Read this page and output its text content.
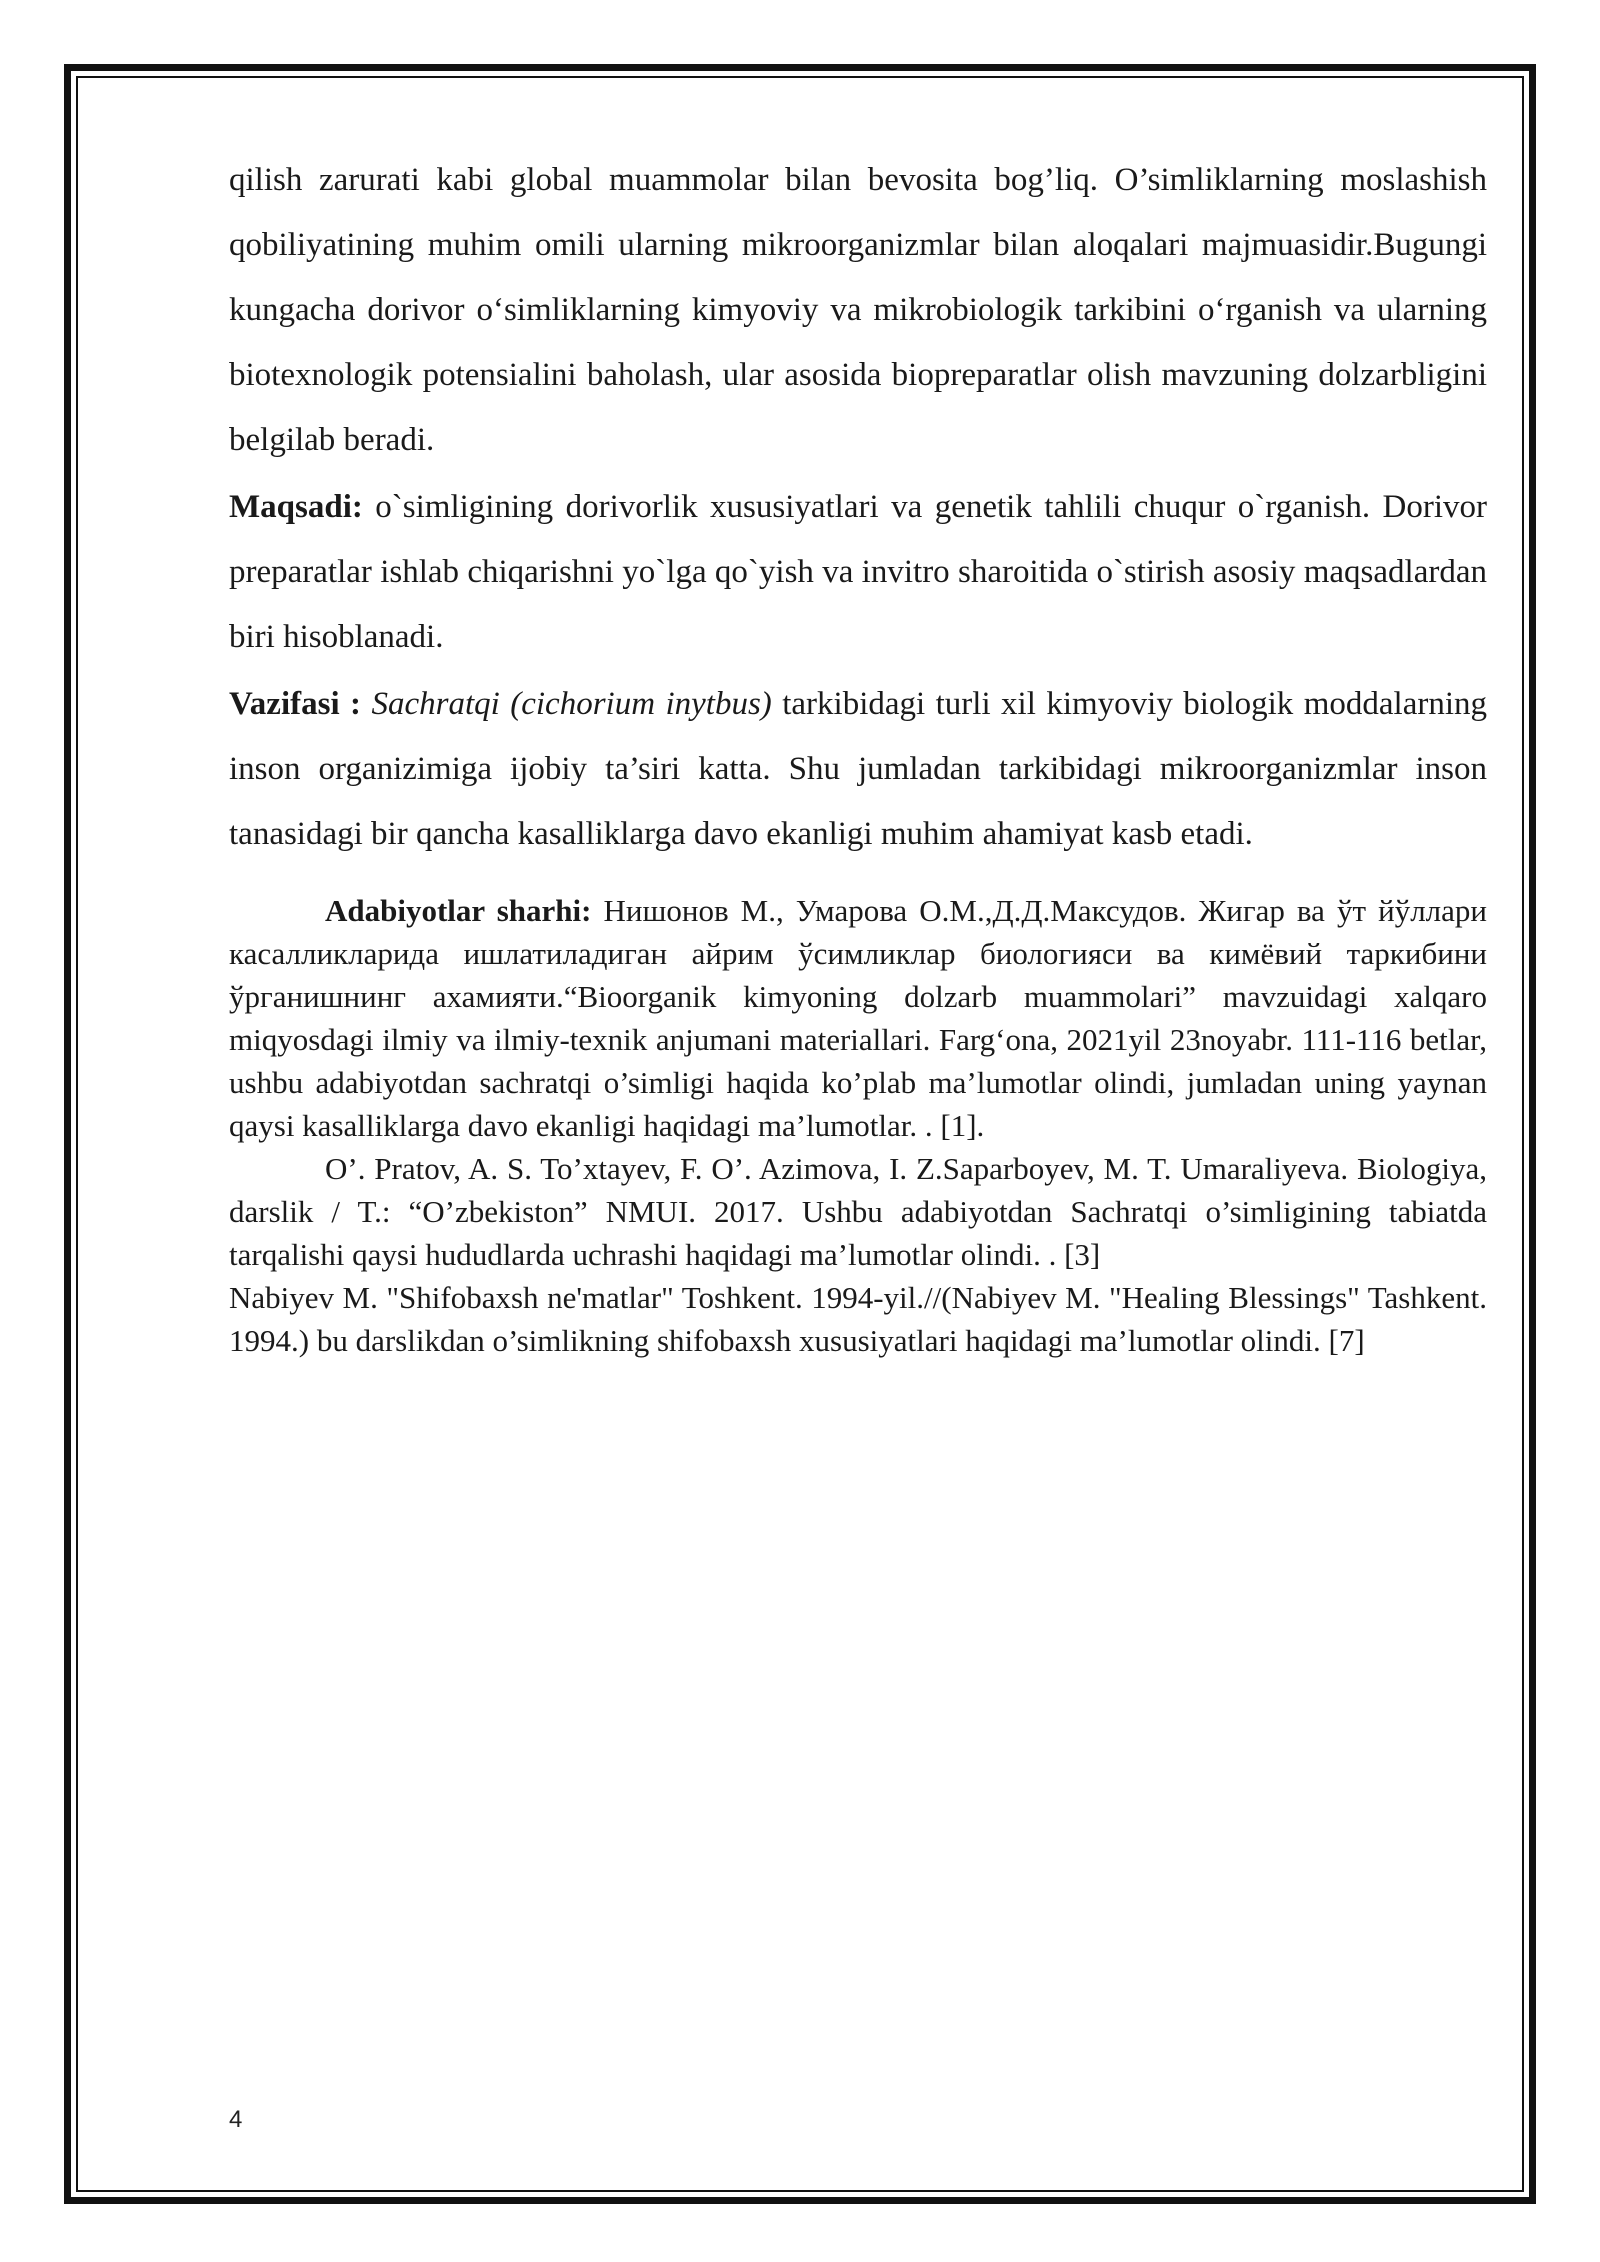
qilish zarurati kabi global muammolar bilan bevosita bog’liq. O’simliklarning moslashish qobiliyatining muhim omili ularning mikroorganizmlar bilan aloqalari majmuasidir.Bugungi kungacha dorivor o‘simliklarning kimyoviy va mikrobiologik tarkibini o‘rganish va ularning biotexnologik potensialini baholash, ular asosida biopreparatlar olish mavzuning dolzarbligini belgilab beradi.

Maqsadi: o`simligining dorivorlik xususiyatlari va genetik tahlili chuqur o`rganish. Dorivor preparatlar ishlab chiqarishni yo`lga qo`yish va invitro sharoitida o`stirish asosiy maqsadlardan biri hisoblanadi.

Vazifasi : Sachratqi (cichorium inytbus) tarkibidagi turli xil kimyoviy biologik moddalarning inson organizimiga ijobiy ta’siri katta. Shu jumladan tarkibidagi mikroorganizmlar inson tanasidagi bir qancha kasalliklarga davo ekanligi muhim ahamiyat kasb etadi.

Adabiyotlar sharhi: Нишонов М., Умарова О.М.,Д.Д.Максудов. Жигар ва ўт йўллари касалликларида ишлатиладиган айрим ўсимликлар биологияси ва кимёвий таркибини ўрганишнинг ахамияти.“Bioorganik kimyoning dolzarb muammolari” mavzuidagi xalqaro miqyosdagi ilmiy va ilmiy-texnik anjumani materiallari. Farg‘ona, 2021yil 23noyabr. 111-116 betlar, ushbu adabiyotdan sachratqi o’simligi haqida ko’plab ma’lumotlar olindi, jumladan uning yaynan qaysi kasalliklarga davo ekanligi haqidagi ma’lumotlar. . [1].

O’. Pratov, A. S. To’xtayev, F. O’. Azimova, I. Z.Saparboyev, M. T. Umaraliyeva. Biologiya, darslik / T.: “O’zbekiston” NMUI. 2017. Ushbu adabiyotdan Sachratqi o’simligining tabiatda tarqalishi qaysi hududlarda uchrashi haqidagi ma’lumotlar olindi. . [3]

Nabiyev M. "Shifobaxsh ne'matlar" Toshkent. 1994-yil.//(Nabiyev M. "Healing Blessings" Tashkent. 1994.) bu darslikdan o’simlikning shifobaxsh xususiyatlari haqidagi ma’lumotlar olindi. [7]

4
